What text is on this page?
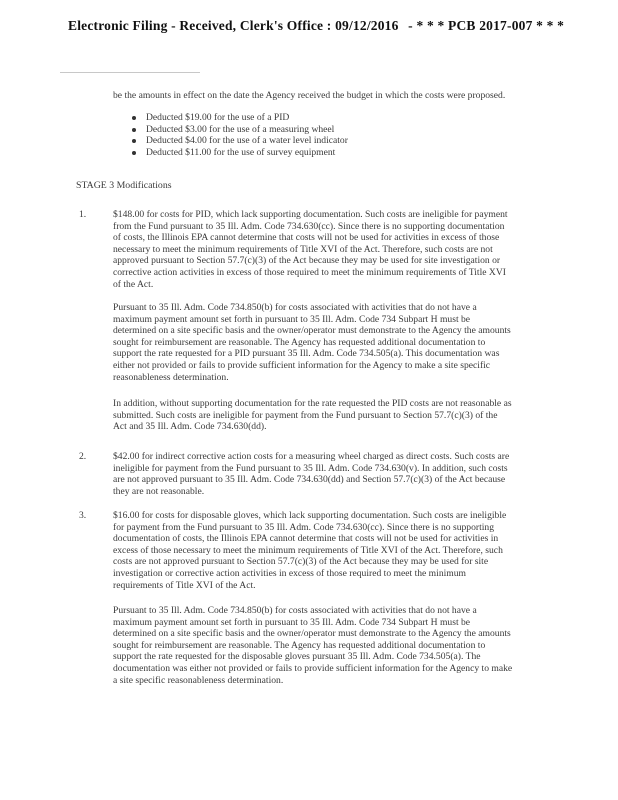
Electronic Filing - Received, Clerk's Office : 09/12/2016 - * * * PCB 2017-007 * * *
be the amounts in effect on the date the Agency received the budget in which the costs were proposed.
Deducted $19.00 for the use of a PID
Deducted $3.00 for the use of a measuring wheel
Deducted $4.00 for the use of a water level indicator
Deducted $11.00 for the use of survey equipment
STAGE 3 Modifications
1.	$148.00 for costs for PID, which lack supporting documentation. Such costs are ineligible for payment from the Fund pursuant to 35 Ill. Adm. Code 734.630(cc). Since there is no supporting documentation of costs, the Illinois EPA cannot determine that costs will not be used for activities in excess of those necessary to meet the minimum requirements of Title XVI of the Act. Therefore, such costs are not approved pursuant to Section 57.7(c)(3) of the Act because they may be used for site investigation or corrective action activities in excess of those required to meet the minimum requirements of Title XVI of the Act.
Pursuant to 35 Ill. Adm. Code 734.850(b) for costs associated with activities that do not have a maximum payment amount set forth in pursuant to 35 Ill. Adm. Code 734 Subpart H must be determined on a site specific basis and the owner/operator must demonstrate to the Agency the amounts sought for reimbursement are reasonable. The Agency has requested additional documentation to support the rate requested for a PID pursuant 35 Ill. Adm. Code 734.505(a). This documentation was either not provided or fails to provide sufficient information for the Agency to make a site specific reasonableness determination.
In addition, without supporting documentation for the rate requested the PID costs are not reasonable as submitted. Such costs are ineligible for payment from the Fund pursuant to Section 57.7(c)(3) of the Act and 35 Ill. Adm. Code 734.630(dd).
2.	$42.00 for indirect corrective action costs for a measuring wheel charged as direct costs. Such costs are ineligible for payment from the Fund pursuant to 35 Ill. Adm. Code 734.630(v). In addition, such costs are not approved pursuant to 35 Ill. Adm. Code 734.630(dd) and Section 57.7(c)(3) of the Act because they are not reasonable.
3.	$16.00 for costs for disposable gloves, which lack supporting documentation. Such costs are ineligible for payment from the Fund pursuant to 35 Ill. Adm. Code 734.630(cc). Since there is no supporting documentation of costs, the Illinois EPA cannot determine that costs will not be used for activities in excess of those necessary to meet the minimum requirements of Title XVI of the Act. Therefore, such costs are not approved pursuant to Section 57.7(c)(3) of the Act because they may be used for site investigation or corrective action activities in excess of those required to meet the minimum requirements of Title XVI of the Act.
Pursuant to 35 Ill. Adm. Code 734.850(b) for costs associated with activities that do not have a maximum payment amount set forth in pursuant to 35 Ill. Adm. Code 734 Subpart H must be determined on a site specific basis and the owner/operator must demonstrate to the Agency the amounts sought for reimbursement are reasonable. The Agency has requested additional documentation to support the rate requested for the disposable gloves pursuant 35 Ill. Adm. Code 734.505(a). The documentation was either not provided or fails to provide sufficient information for the Agency to make a site specific reasonableness determination.
